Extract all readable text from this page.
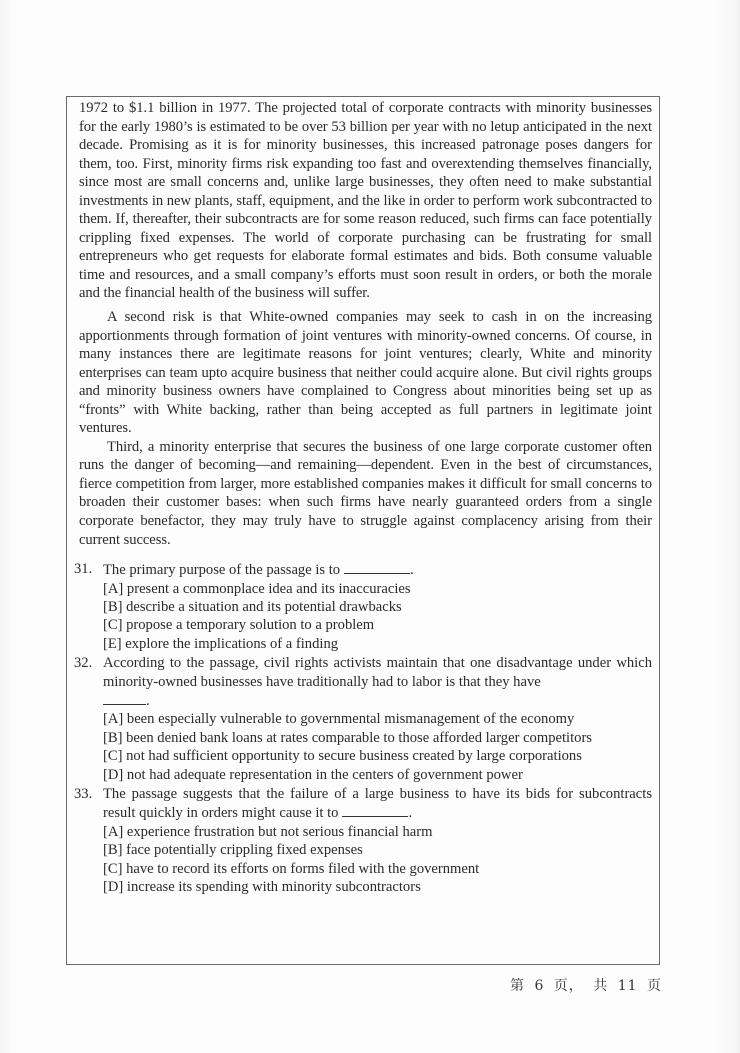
1972 to $1.1 billion in 1977. The projected total of corporate contracts with minority businesses for the early 1980’s is estimated to be over 53 billion per year with no letup anticipated in the next decade. Promising as it is for minority businesses, this increased patronage poses dangers for them, too. First, minority firms risk expanding too fast and overextending themselves financially, since most are small concerns and, unlike large businesses, they often need to make substantial investments in new plants, staff, equipment, and the like in order to perform work subcontracted to them. If, thereafter, their subcontracts are for some reason reduced, such firms can face potentially crippling fixed expenses. The world of corporate purchasing can be frustrating for small entrepreneurs who get requests for elaborate formal estimates and bids. Both consume valuable time and resources, and a small company’s efforts must soon result in orders, or both the morale and the financial health of the business will suffer.

A second risk is that White-owned companies may seek to cash in on the increasing apportionments through formation of joint ventures with minority-owned concerns. Of course, in many instances there are legitimate reasons for joint ventures; clearly, White and minority enterprises can team upto acquire business that neither could acquire alone. But civil rights groups and minority business owners have complained to Congress about minorities being set up as “fronts” with White backing, rather than being accepted as full partners in legitimate joint ventures.

Third, a minority enterprise that secures the business of one large corporate customer often runs the danger of becoming—and remaining—dependent. Even in the best of circumstances, fierce competition from larger, more established companies makes it difficult for small concerns to broaden their customer bases: when such firms have nearly guaranteed orders from a single corporate benefactor, they may truly have to struggle against complacency arising from their current success.

31. The primary purpose of the passage is to	.
[A] present a commonplace idea and its inaccuracies
[B] describe a situation and its potential drawbacks
[C] propose a temporary solution to a problem
[E] explore the implications of a finding
32. According to the passage, civil rights activists maintain that one disadvantage under which minority-owned businesses have traditionally had to labor is that they have
.
[A] been especially vulnerable to governmental mismanagement of the economy
[B] been denied bank loans at rates comparable to those afforded larger competitors
[C] not had sufficient opportunity to secure business created by large corporations
[D] not had adequate representation in the centers of government power
33. The passage suggests that the failure of a large business to have its bids for subcontracts result quickly in orders might cause it to	.
[A] experience frustration but not serious financial harm
[B] face potentially crippling fixed expenses
[C] have to record its efforts on forms filed with the government
[D] increase its spending with minority subcontractors
第 6 页， 共 11 页
